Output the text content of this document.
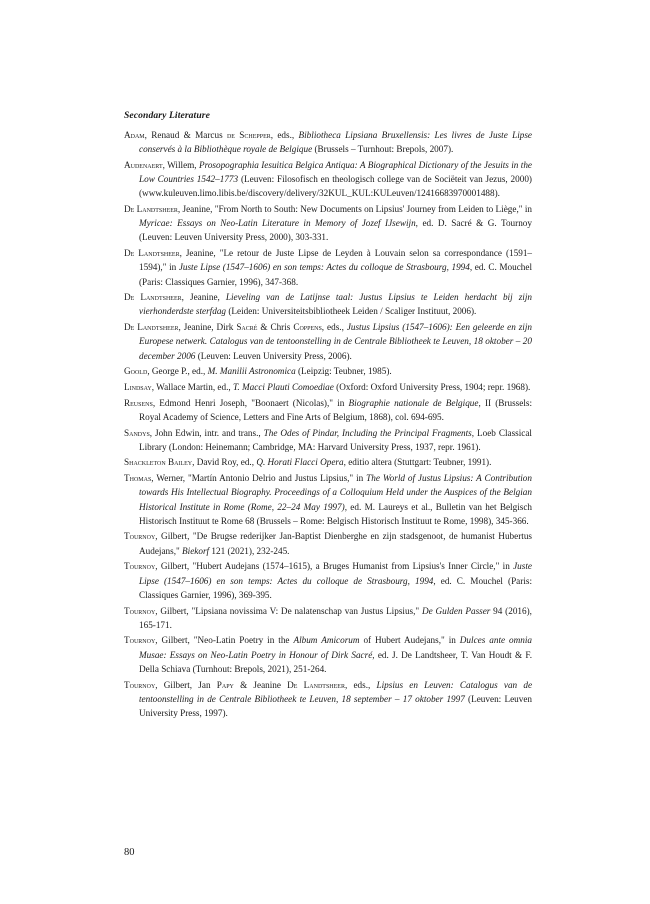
Secondary Literature
Adam, Renaud & Marcus de Schepper, eds., Bibliotheca Lipsiana Bruxellensis: Les livres de Juste Lipse conservés à la Bibliothèque royale de Belgique (Brussels – Turnhout: Brepols, 2007).
Audenaert, Willem, Prosopographia Iesuitica Belgica Antiqua: A Biographical Dictionary of the Jesuits in the Low Countries 1542–1773 (Leuven: Filosofisch en theologisch college van de Sociëteit van Jezus, 2000) (www.kuleuven.limo.libis.be/discovery/delivery/32KUL_KUL:KULeuven/12416683970001488).
De Landtsheer, Jeanine, "From North to South: New Documents on Lipsius' Journey from Leiden to Liège," in Myricae: Essays on Neo-Latin Literature in Memory of Jozef IJsewijn, ed. D. Sacré & G. Tournoy (Leuven: Leuven University Press, 2000), 303-331.
De Landtsheer, Jeanine, "Le retour de Juste Lipse de Leyden à Louvain selon sa correspondance (1591–1594)," in Juste Lipse (1547–1606) en son temps: Actes du colloque de Strasbourg, 1994, ed. C. Mouchel (Paris: Classiques Garnier, 1996), 347-368.
De Landtsheer, Jeanine, Lieveling van de Latijnse taal: Justus Lipsius te Leiden herdacht bij zijn vierhonderdste sterfdag (Leiden: Universiteitsbibliotheek Leiden / Scaliger Instituut, 2006).
De Landtsheer, Jeanine, Dirk Sacré & Chris Coppens, eds., Justus Lipsius (1547–1606): Een geleerde en zijn Europese netwerk. Catalogus van de tentoonstelling in de Centrale Bibliotheek te Leuven, 18 oktober – 20 december 2006 (Leuven: Leuven University Press, 2006).
Goold, George P., ed., M. Manilii Astronomica (Leipzig: Teubner, 1985).
Lindsay, Wallace Martin, ed., T. Macci Plauti Comoediae (Oxford: Oxford University Press, 1904; repr. 1968).
Reusens, Edmond Henri Joseph, "Boonaert (Nicolas)," in Biographie nationale de Belgique, II (Brussels: Royal Academy of Science, Letters and Fine Arts of Belgium, 1868), col. 694-695.
Sandys, John Edwin, intr. and trans., The Odes of Pindar, Including the Principal Fragments, Loeb Classical Library (London: Heinemann; Cambridge, MA: Harvard University Press, 1937, repr. 1961).
Shackleton Bailey, David Roy, ed., Q. Horati Flacci Opera, editio altera (Stuttgart: Teubner, 1991).
Thomas, Werner, "Martín Antonio Delrio and Justus Lipsius," in The World of Justus Lipsius: A Contribution towards His Intellectual Biography. Proceedings of a Colloquium Held under the Auspices of the Belgian Historical Institute in Rome (Rome, 22–24 May 1997), ed. M. Laureys et al., Bulletin van het Belgisch Historisch Instituut te Rome 68 (Brussels – Rome: Belgisch Historisch Instituut te Rome, 1998), 345-366.
Tournoy, Gilbert, "De Brugse rederijker Jan-Baptist Dienberghe en zijn stadsgenoot, de humanist Hubertus Audejans," Biekorf 121 (2021), 232-245.
Tournoy, Gilbert, "Hubert Audejans (1574–1615), a Bruges Humanist from Lipsius's Inner Circle," in Juste Lipse (1547–1606) en son temps: Actes du colloque de Strasbourg, 1994, ed. C. Mouchel (Paris: Classiques Garnier, 1996), 369-395.
Tournoy, Gilbert, "Lipsiana novissima V: De nalatenschap van Justus Lipsius," De Gulden Passer 94 (2016), 165-171.
Tournoy, Gilbert, "Neo-Latin Poetry in the Album Amicorum of Hubert Audejans," in Dulces ante omnia Musae: Essays on Neo-Latin Poetry in Honour of Dirk Sacré, ed. J. De Landtsheer, T. Van Houdt & F. Della Schiava (Turnhout: Brepols, 2021), 251-264.
Tournoy, Gilbert, Jan Papy & Jeanine De Landtsheer, eds., Lipsius en Leuven: Catalogus van de tentoonstelling in de Centrale Bibliotheek te Leuven, 18 september – 17 oktober 1997 (Leuven: Leuven University Press, 1997).
80
